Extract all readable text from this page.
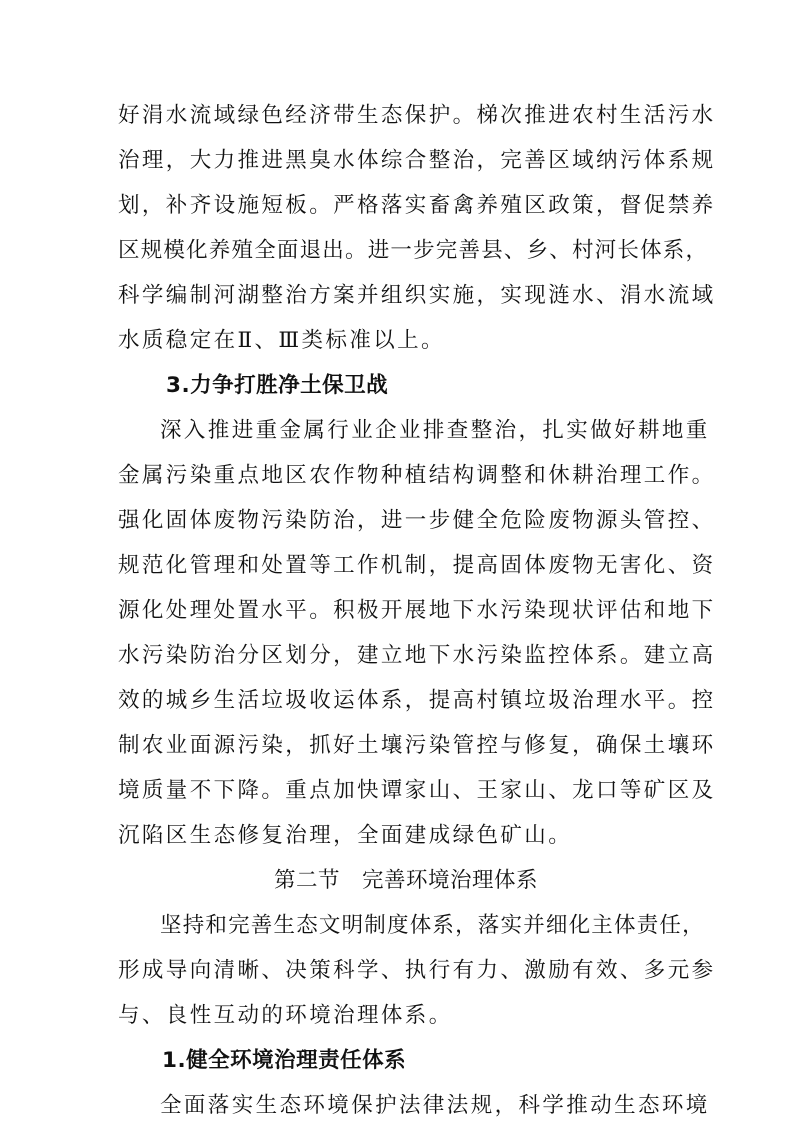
好涓水流域绿色经济带生态保护。梯次推进农村生活污水
治理，大力推进黑臭水体综合整治，完善区域纳污体系规
划，补齐设施短板。严格落实畜禽养殖区政策，督促禁养
区规模化养殖全面退出。进一步完善县、乡、村河长体系，
科学编制河湖整治方案并组织实施，实现涟水、涓水流域
水质稳定在Ⅱ、Ⅲ类标准以上。
3.力争打胜净土保卫战
深入推进重金属行业企业排查整治，扎实做好耕地重
金属污染重点地区农作物种植结构调整和休耕治理工作。
强化固体废物污染防治，进一步健全危险废物源头管控、
规范化管理和处置等工作机制，提高固体废物无害化、资
源化处理处置水平。积极开展地下水污染现状评估和地下
水污染防治分区划分，建立地下水污染监控体系。建立高
效的城乡生活垃圾收运体系，提高村镇垃圾治理水平。控
制农业面源污染，抓好土壤污染管控与修复，确保土壤环
境质量不下降。重点加快谭家山、王家山、龙口等矿区及
沉陷区生态修复治理，全面建成绿色矿山。
第二节　完善环境治理体系
坚持和完善生态文明制度体系，落实并细化主体责任，
形成导向清晰、决策科学、执行有力、激励有效、多元参
与、良性互动的环境治理体系。
1.健全环境治理责任体系
全面落实生态环境保护法律法规，科学推动生态环境
